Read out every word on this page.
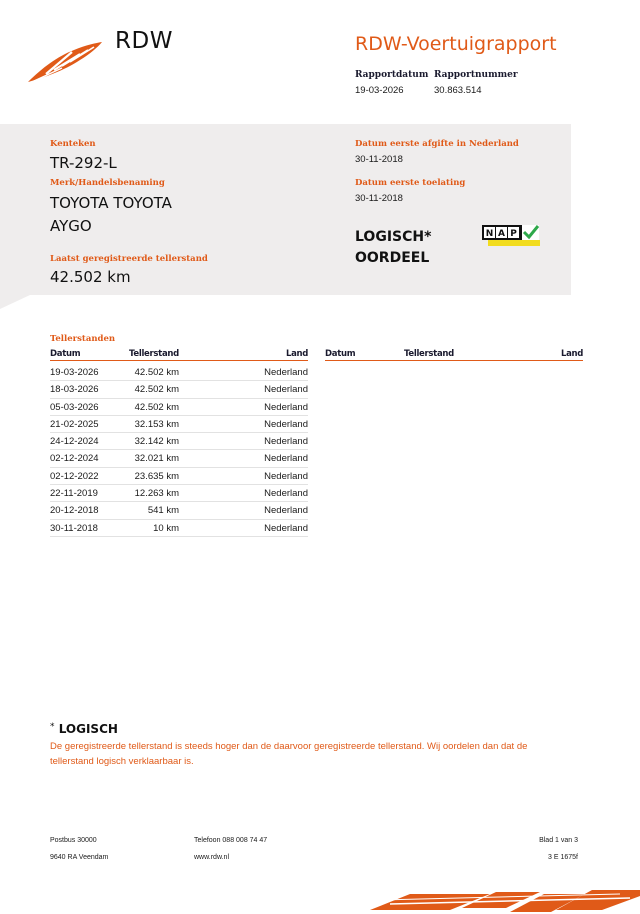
RDW	RDW-Voertuigrapport
Rapportdatum
19-03-2026
Rapportnummer
30.863.514
Kenteken
TR-292-L
Merk/Handelsbenaming
TOYOTA TOYOTA
AYGO
Laatst geregistreerde tellerstand
42.502 km
Datum eerste afgifte in Nederland
30-11-2018
Datum eerste toelating
30-11-2018
LOGISCH*
OORDEEL
N A P
Tellerstanden
Datum	Tellerstand	Land Datum	Tellerstand	Land
19-03-2026	42.502 km	Nederland
18-03-2026	42.502 km	Nederland
05-03-2026	42.502 km	Nederland
21-02-2025	32.153 km	Nederland
24-12-2024	32.142 km	Nederland
02-12-2024	32.021 km	Nederland
02-12-2022	23.635 km	Nederland
22-11-2019	12.263 km	Nederland
20-12-2018	541 km	Nederland
30-11-2018	10 km	Nederland
* LOGISCH
De geregistreerde tellerstand is steeds hoger dan de daarvoor geregistreerde tellerstand. Wij oordelen dan dat de tellerstand logisch verklaarbaar is.
Postbus 30000
9640 RA Veendam
Telefoon 088 008 74 47
www.rdw.nl
Blad 1 van 3
3 E 1675f
